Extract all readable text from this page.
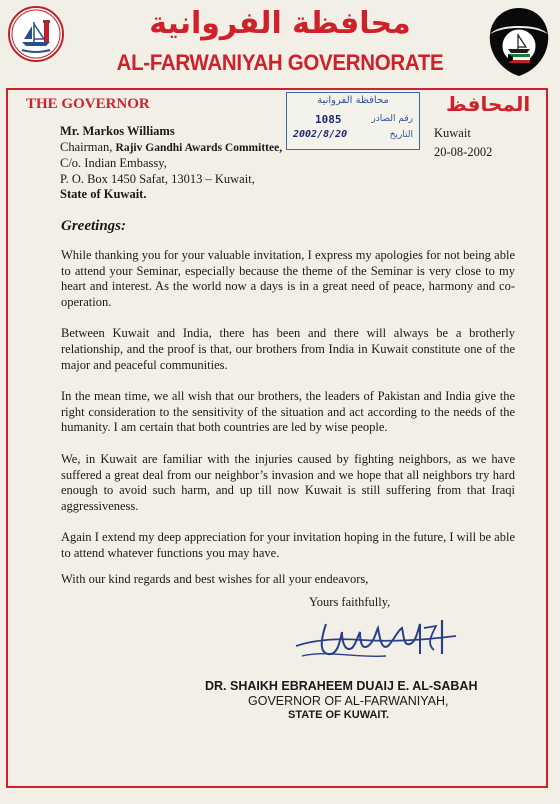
محافظة الفروانية
AL-FARWANIYAH GOVERNORATE
THE GOVERNOR	المحافظ
محافظة الفروانية
1085	رقم الصادر
2002/8/20	التاريخ
Mr. Markos Williams
Chairman, Rajiv Gandhi Awards Committee,
C/o. Indian Embassy,
P. O. Box 1450 Safat, 13013 – Kuwait,
State of Kuwait.
Kuwait
20-08-2002
Greetings:

While thanking you for your valuable invitation, I express my apologies for not being able to attend your Seminar, especially because the theme of the Seminar is very close to my heart and interest. As the world now a days is in a great need of peace, harmony and co-operation.

Between Kuwait and India, there has been and there will always be a brotherly relationship, and the proof is that, our brothers from India in Kuwait constitute one of the major and peaceful communities.

In the mean time, we all wish that our brothers, the leaders of Pakistan and India give the right consideration to the sensitivity of the situation and act according to the needs of the humanity. I am certain that both countries are led by wise people.

We, in Kuwait are familiar with the injuries caused by fighting neighbors, as we have suffered a great deal from our neighbor’s invasion and we hope that all neighbors try hard enough to avoid such harm, and up till now Kuwait is still suffering from that Iraqi aggressiveness.

Again I extend my deep appreciation for your invitation hoping in the future, I will be able to attend whatever functions you may have.

With our kind regards and best wishes for all your endeavors,
Yours faithfully,
DR. SHAIKH EBRAHEEM DUAIJ E. AL-SABAH
GOVERNOR OF AL-FARWANIYAH,
STATE OF KUWAIT.
